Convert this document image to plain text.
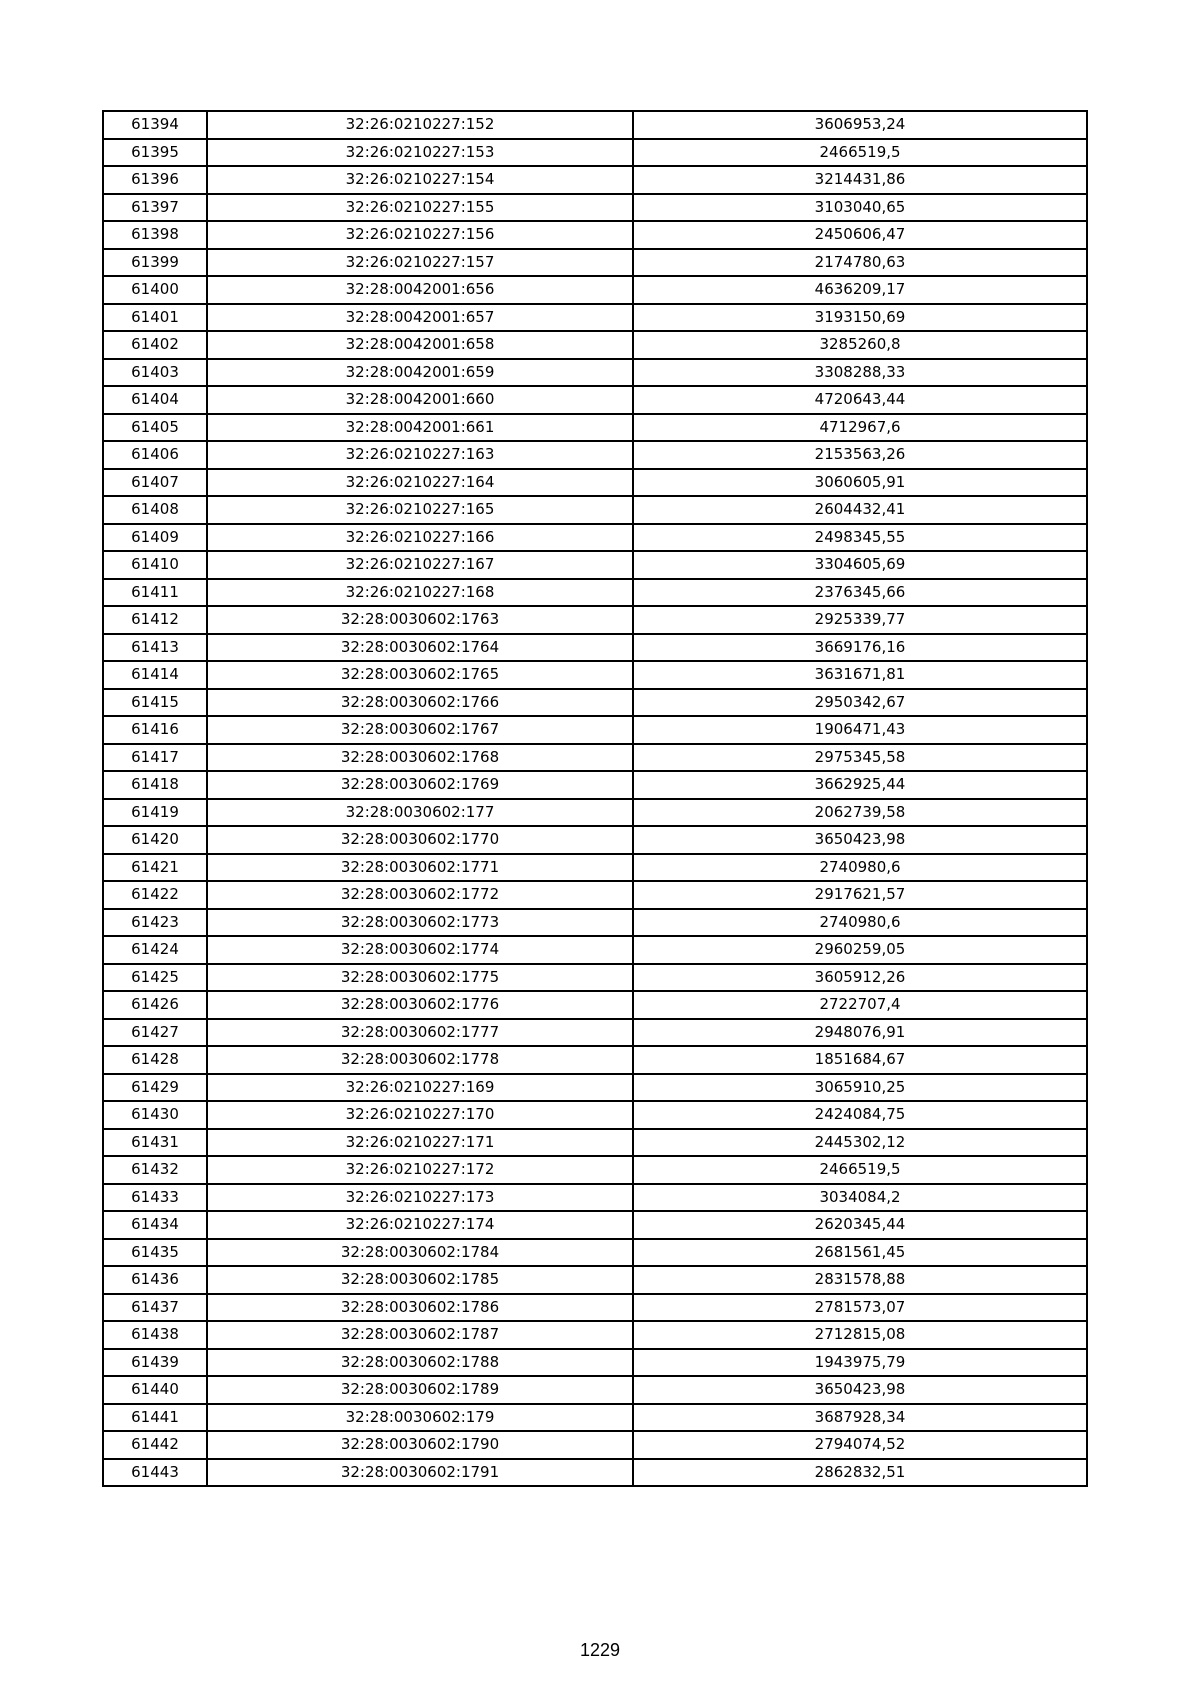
61394	32:26:0210227:152	3606953,24
61395	32:26:0210227:153	2466519,5
61396	32:26:0210227:154	3214431,86
61397	32:26:0210227:155	3103040,65
61398	32:26:0210227:156	2450606,47
61399	32:26:0210227:157	2174780,63
61400	32:28:0042001:656	4636209,17
61401	32:28:0042001:657	3193150,69
61402	32:28:0042001:658	3285260,8
61403	32:28:0042001:659	3308288,33
61404	32:28:0042001:660	4720643,44
61405	32:28:0042001:661	4712967,6
61406	32:26:0210227:163	2153563,26
61407	32:26:0210227:164	3060605,91
61408	32:26:0210227:165	2604432,41
61409	32:26:0210227:166	2498345,55
61410	32:26:0210227:167	3304605,69
61411	32:26:0210227:168	2376345,66
61412	32:28:0030602:1763	2925339,77
61413	32:28:0030602:1764	3669176,16
61414	32:28:0030602:1765	3631671,81
61415	32:28:0030602:1766	2950342,67
61416	32:28:0030602:1767	1906471,43
61417	32:28:0030602:1768	2975345,58
61418	32:28:0030602:1769	3662925,44
61419	32:28:0030602:177	2062739,58
61420	32:28:0030602:1770	3650423,98
61421	32:28:0030602:1771	2740980,6
61422	32:28:0030602:1772	2917621,57
61423	32:28:0030602:1773	2740980,6
61424	32:28:0030602:1774	2960259,05
61425	32:28:0030602:1775	3605912,26
61426	32:28:0030602:1776	2722707,4
61427	32:28:0030602:1777	2948076,91
61428	32:28:0030602:1778	1851684,67
61429	32:26:0210227:169	3065910,25
61430	32:26:0210227:170	2424084,75
61431	32:26:0210227:171	2445302,12
61432	32:26:0210227:172	2466519,5
61433	32:26:0210227:173	3034084,2
61434	32:26:0210227:174	2620345,44
61435	32:28:0030602:1784	2681561,45
61436	32:28:0030602:1785	2831578,88
61437	32:28:0030602:1786	2781573,07
61438	32:28:0030602:1787	2712815,08
61439	32:28:0030602:1788	1943975,79
61440	32:28:0030602:1789	3650423,98
61441	32:28:0030602:179	3687928,34
61442	32:28:0030602:1790	2794074,52
61443	32:28:0030602:1791	2862832,51
1229
